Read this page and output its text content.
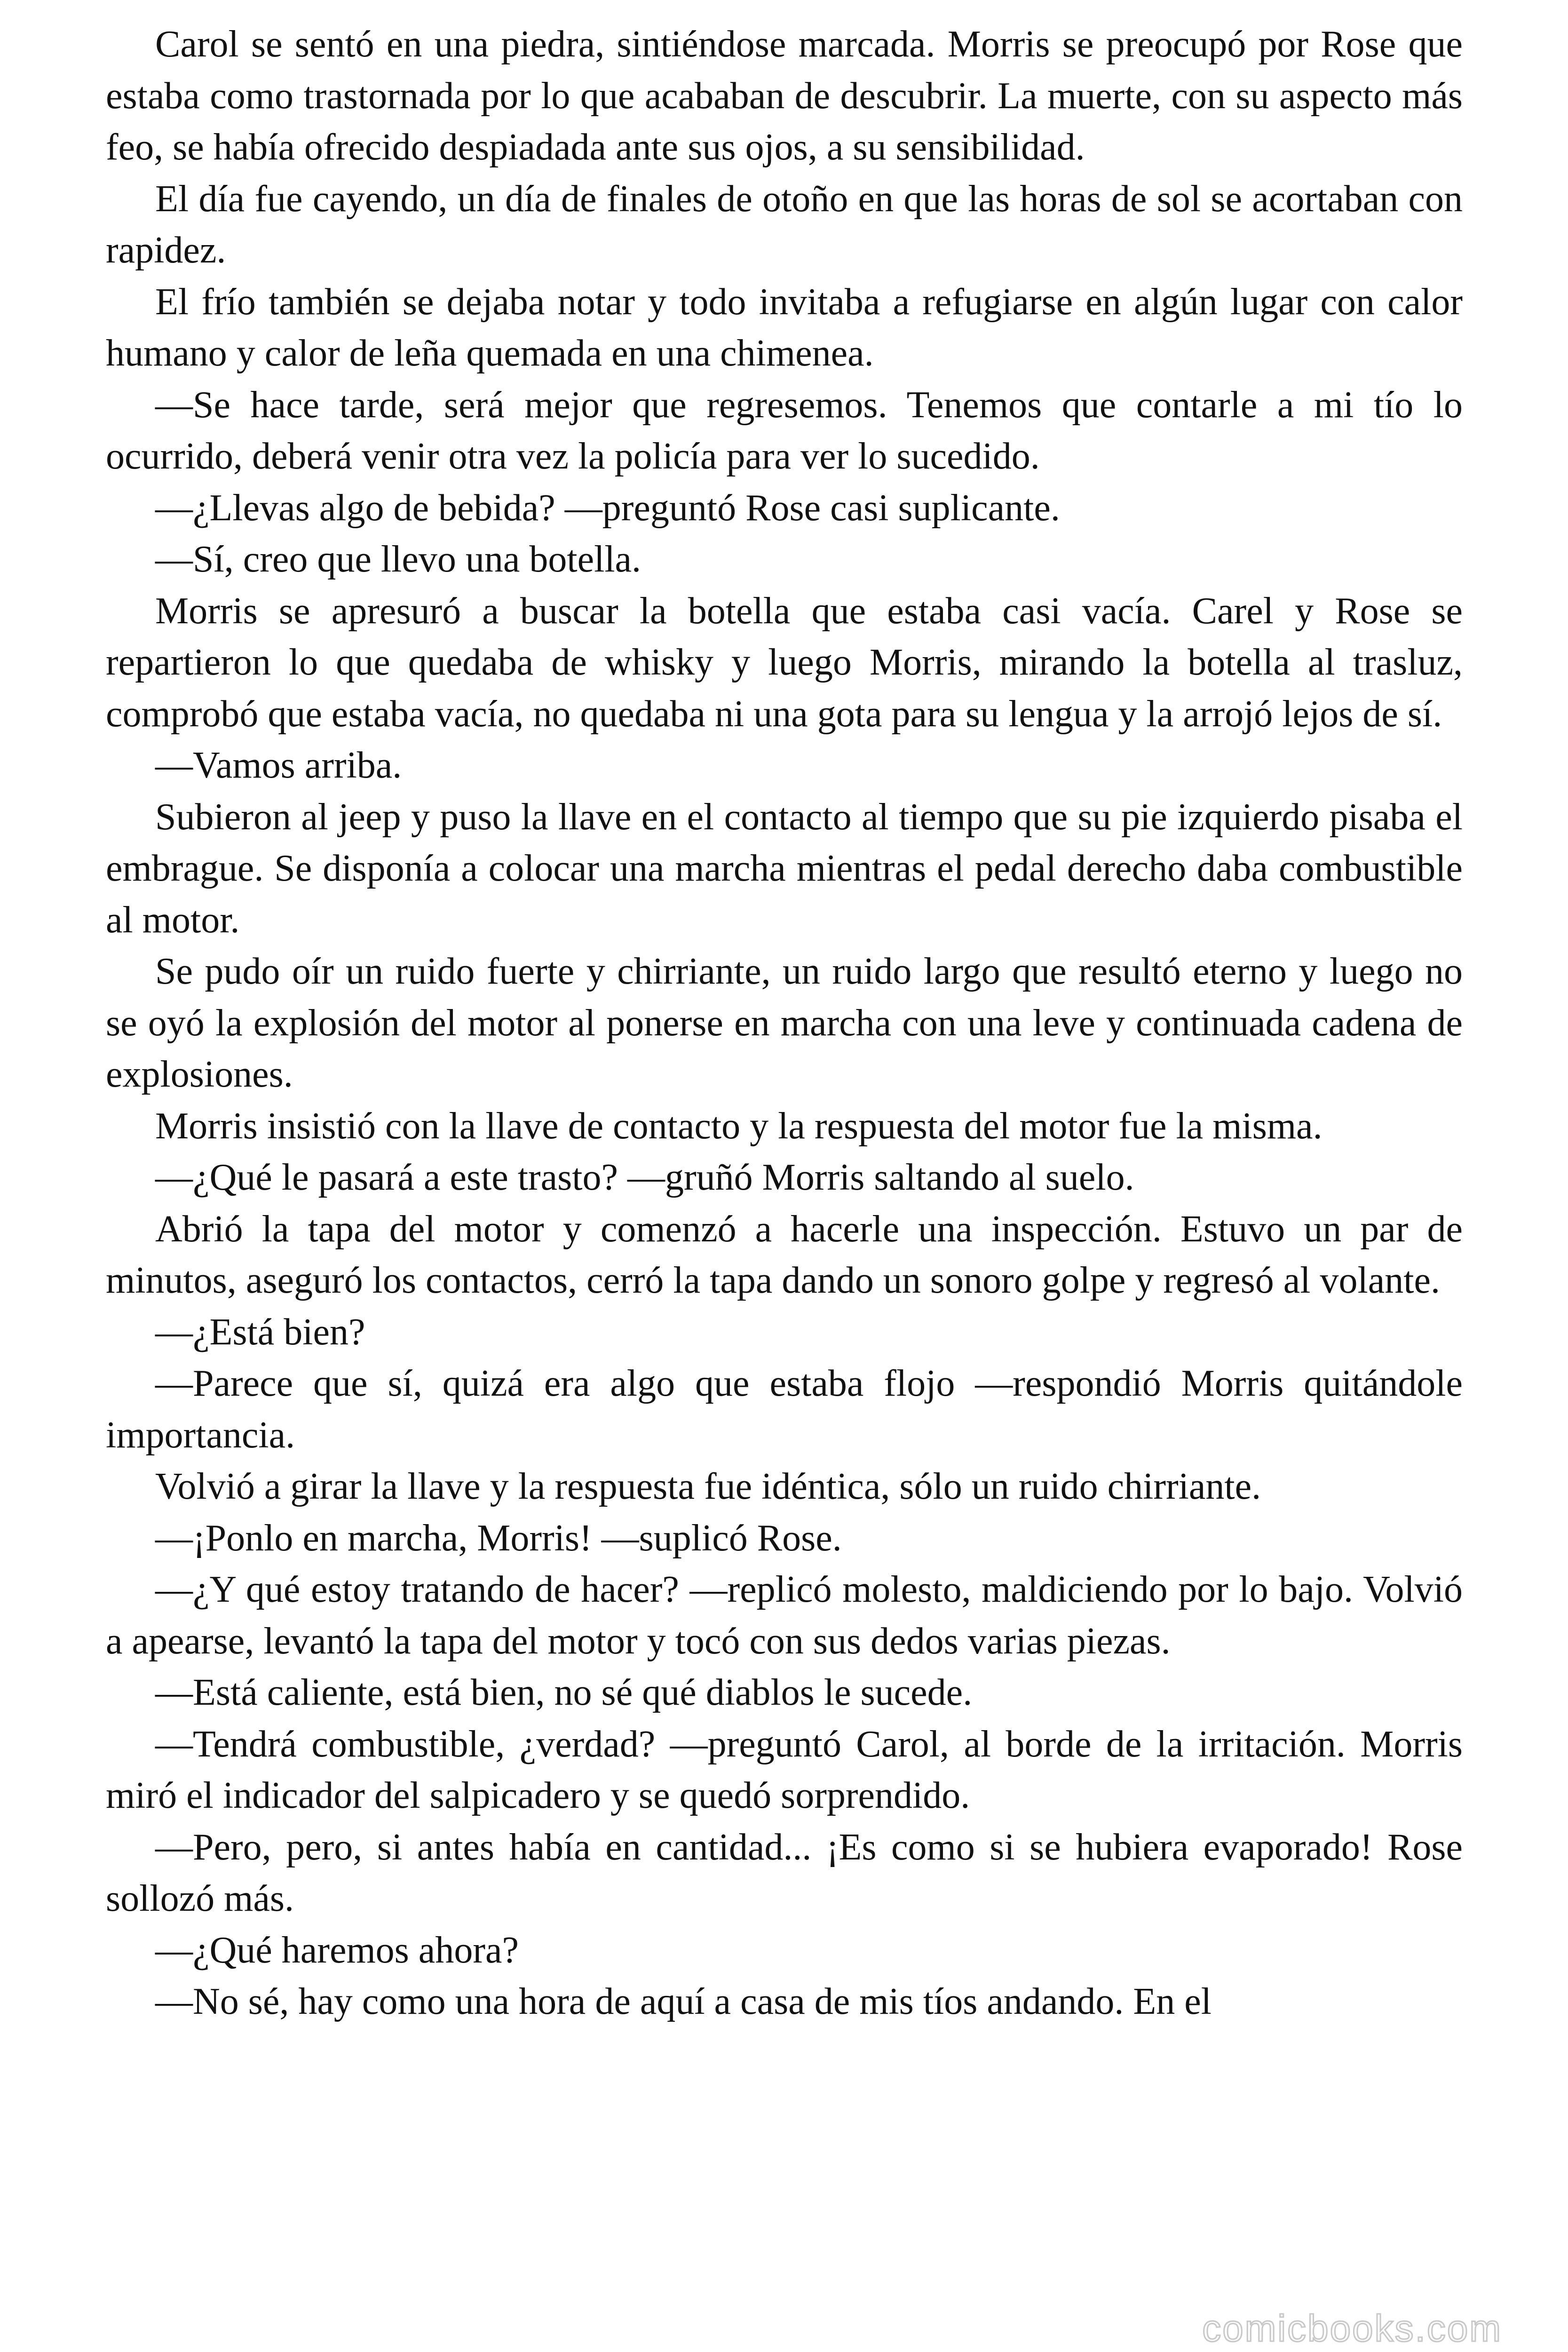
Carol se sentó en una piedra, sintiéndose marcada. Morris se preocupó por Rose que estaba como trastornada por lo que acababan de descubrir. La muerte, con su aspecto más feo, se había ofrecido despiadada ante sus ojos, a su sensibilidad.

El día fue cayendo, un día de finales de otoño en que las horas de sol se acortaban con rapidez.

El frío también se dejaba notar y todo invitaba a refugiarse en algún lugar con calor humano y calor de leña quemada en una chimenea.

—Se hace tarde, será mejor que regresemos. Tenemos que contarle a mi tío lo ocurrido, deberá venir otra vez la policía para ver lo sucedido.

—¿Llevas algo de bebida? —preguntó Rose casi suplicante.

—Sí, creo que llevo una botella.

Morris se apresuró a buscar la botella que estaba casi vacía. Carel y Rose se repartieron lo que quedaba de whisky y luego Morris, mirando la botella al trasluz, comprobó que estaba vacía, no quedaba ni una gota para su lengua y la arrojó lejos de sí.

—Vamos arriba.

Subieron al jeep y puso la llave en el contacto al tiempo que su pie izquierdo pisaba el embrague. Se disponía a colocar una marcha mientras el pedal derecho daba combustible al motor.

Se pudo oír un ruido fuerte y chirriante, un ruido largo que resultó eterno y luego no se oyó la explosión del motor al ponerse en marcha con una leve y continuada cadena de explosiones.

Morris insistió con la llave de contacto y la respuesta del motor fue la misma.

—¿Qué le pasará a este trasto? —gruñó Morris saltando al suelo.

Abrió la tapa del motor y comenzó a hacerle una inspección. Estuvo un par de minutos, aseguró los contactos, cerró la tapa dando un sonoro golpe y regresó al volante.

—¿Está bien?

—Parece que sí, quizá era algo que estaba flojo —respondió Morris quitándole importancia.

Volvió a girar la llave y la respuesta fue idéntica, sólo un ruido chirriante.

—¡Ponlo en marcha, Morris! —suplicó Rose.

—¿Y qué estoy tratando de hacer? —replicó molesto, maldiciendo por lo bajo. Volvió a apearse, levantó la tapa del motor y tocó con sus dedos varias piezas.

—Está caliente, está bien, no sé qué diablos le sucede.

—Tendrá combustible, ¿verdad? —preguntó Carol, al borde de la irritación. Morris miró el indicador del salpicadero y se quedó sorprendido.

—Pero, pero, si antes había en cantidad... ¡Es como si se hubiera evaporado! Rose sollozó más.

—¿Qué haremos ahora?

—No sé, hay como una hora de aquí a casa de mis tíos andando. En el

comicbooks.com
